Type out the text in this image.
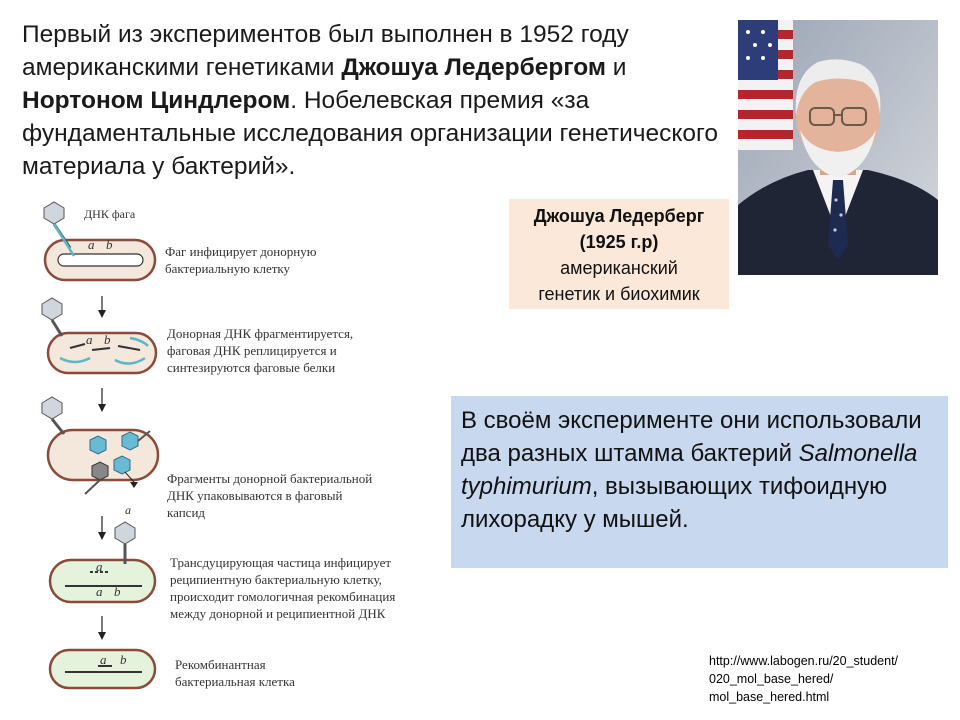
Первый из экспериментов был выполнен в 1952 году американскими генетиками Джошуа Ледербергом и Нортоном Циндлером. Нобелевская премия «за фундаментальные исследования организации генетического материала у бактерий».
Джошуа Ледерберг
(1925 г.р)
американский
генетик и биохимик
В своём эксперименте они использовали два разных штамма бактерий Salmonella typhimurium, вызывающих тифоидную лихорадку у мышей.
http://www.labogen.ru/20_student/
020_mol_base_hered/
mol_base_hered.html
a
ДНК фага
a b	Фаг инфицирует донорную
бактериальную клетку
a b	Донорная ДНК фрагментируется,
фаговая ДНК реплицируется и
синтезируются фаговые белки
Фрагменты донорной бактериальной
ДНК упаковываются в фаговый
капсид
a
a b
Трансдуцирующая частица инфицирует
реципиентную бактериальную клетку,
происходит гомологичная рекомбинация
между донорной и реципиентной ДНК
a b	Рекомбинантная
бактериальная клетка
